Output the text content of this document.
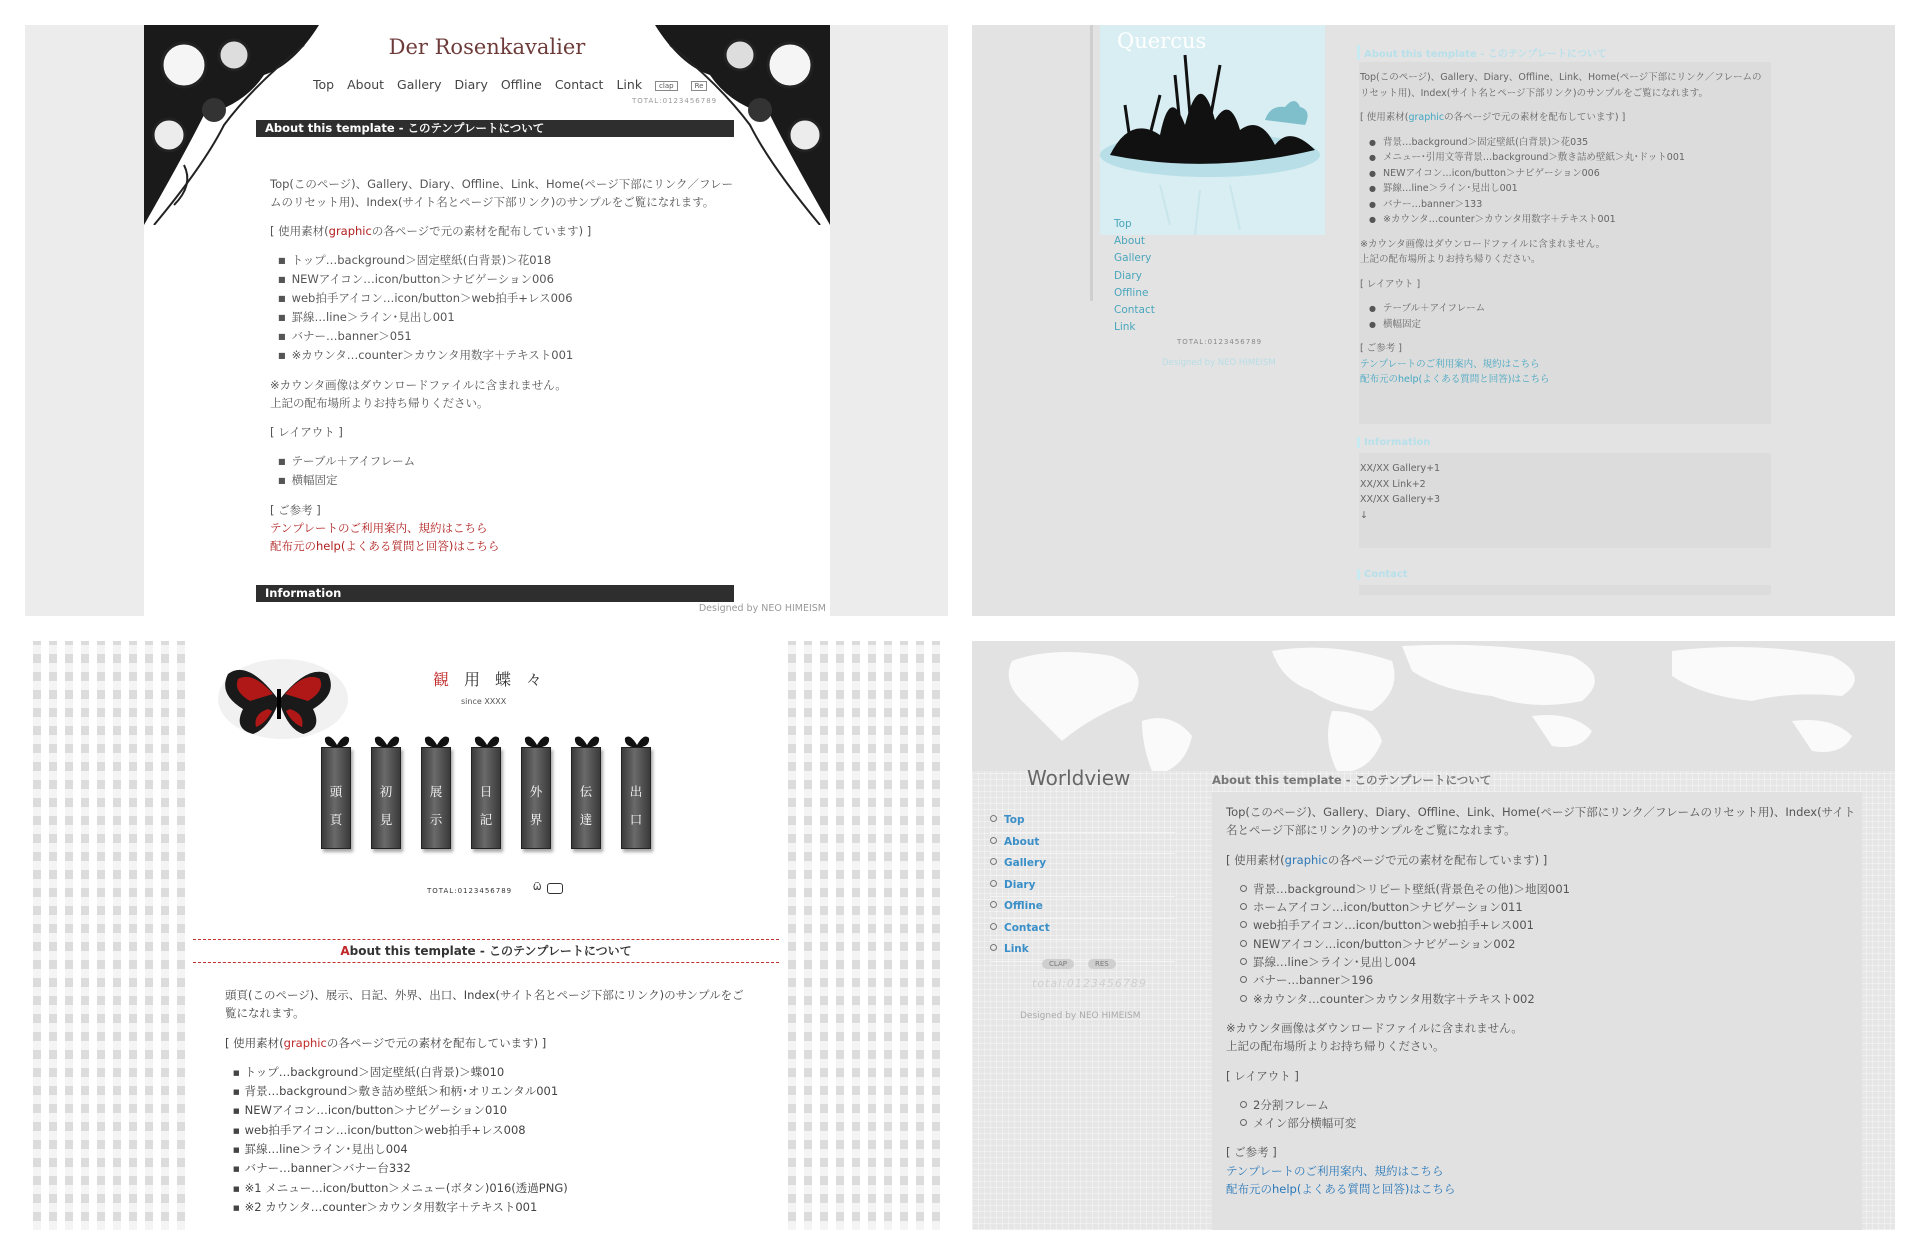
Der Rosenkavalier
Top About Gallery Diary Offline Contact Link clap	Re
TOTAL:0123456789
About this template - このテンプレートについて

Top(このページ)、Gallery、Diary、Offline、Link、Home(ページ下部にリンク／フレームのリセット用)、Index(サイト名とページ下部リンク)のサンプルをご覧になれます。

[ 使用素材(graphicの各ページで元の素材を配布しています) ]

■ トップ…background＞固定壁紙(白背景)＞花018
■ NEWアイコン…icon/button＞ナビゲーション006
■ web拍手アイコン…icon/button＞web拍手+レス006
■ 罫線…line＞ライン･見出し001
■ バナー…banner＞051
■ ※カウンタ…counter＞カウンタ用数字＋テキスト001

※カウンタ画像はダウンロードファイルに含まれません。
上記の配布場所よりお持ち帰りください。

[ レイアウト ]

■ テーブル＋アイフレーム
■ 横幅固定
[ ご参考 ]
テンプレートのご利用案内、規約はこちら
配布元のhelp(よくある質問と回答)はこちら
Information
Designed by NEO HIMEISM
Quercus
Top
About
Gallery
Diary
Offline
Contact
Link
TOTAL:0123456789
Designed by NEO HIMEISM
About this template - このテンプレートについて

Top(このページ)、Gallery、Diary、Offline、Link、Home(ページ下部にリンク／フレームのリセット用)、Index(サイト名とページ下部リンク)のサンプルをご覧になれます。

[ 使用素材(graphicの各ページで元の素材を配布しています) ]

● 背景…background＞固定壁紙(白背景)＞花035
● メニュー･引用文等背景…background＞敷き詰め壁紙＞丸･ドット001
● NEWアイコン…icon/button＞ナビゲーション006
● 罫線…line＞ライン･見出し001
● バナー…banner＞133
● ※カウンタ…counter＞カウンタ用数字＋テキスト001

※カウンタ画像はダウンロードファイルに含まれません。
上記の配布場所よりお持ち帰りください。

[ レイアウト ]

● テーブル＋アイフレーム
● 横幅固定
[ ご参考 ]
テンプレートのご利用案内、規約はこちら
配布元のhelp(よくある質問と回答)はこちら
Information
XX/XX Gallery+1
XX/XX Link+2
XX/XX Gallery+3
↓
Contact
観用蝶々
since XXXX
頭
頁
初
見
展
示
日
記
外
界
伝
達
出
口
TOTAL:0123456789 Ѿ
About this template - このテンプレートについて

頭頁(このページ)、展示、日記、外界、出口、Index(サイト名とページ下部にリンク)のサンプルをご覧になれます。

[ 使用素材(graphicの各ページで元の素材を配布しています) ]

■ トップ…background＞固定壁紙(白背景)＞蝶010
■ 背景…background＞敷き詰め壁紙＞和柄･オリエンタル001
■ NEWアイコン…icon/button＞ナビゲーション010
■ web拍手アイコン…icon/button＞web拍手+レス008
■ 罫線…line＞ライン･見出し004
■ バナー…banner＞バナー台332
■ ※1 メニュー…icon/button＞メニュー(ボタン)016(透過PNG)
■ ※2 カウンタ…counter＞カウンタ用数字＋テキスト001
Worldview
Top
About
Gallery
Diary
Offline
Contact
Link
CLAP	RES
total:0123456789
Designed by NEO HIMEISM
About this template - このテンプレートについて

Top(このページ)、Gallery、Diary、Offline、Link、Home(ページ下部にリンク／フレームのリセット用)、Index(サイト名とページ下部にリンク)のサンプルをご覧になれます。

[ 使用素材(graphicの各ページで元の素材を配布しています) ]

背景…background＞リピート壁紙(背景色その他)＞地図001
ホームアイコン…icon/button＞ナビゲーション011
web拍手アイコン…icon/button＞web拍手+レス001
NEWアイコン…icon/button＞ナビゲーション002
罫線…line＞ライン･見出し004
バナー…banner＞196
※カウンタ…counter＞カウンタ用数字＋テキスト002

※カウンタ画像はダウンロードファイルに含まれません。
上記の配布場所よりお持ち帰りください。

[ レイアウト ]

2分割フレーム
メイン部分横幅可変
[ ご参考 ]
テンプレートのご利用案内、規約はこちら
配布元のhelp(よくある質問と回答)はこちら
